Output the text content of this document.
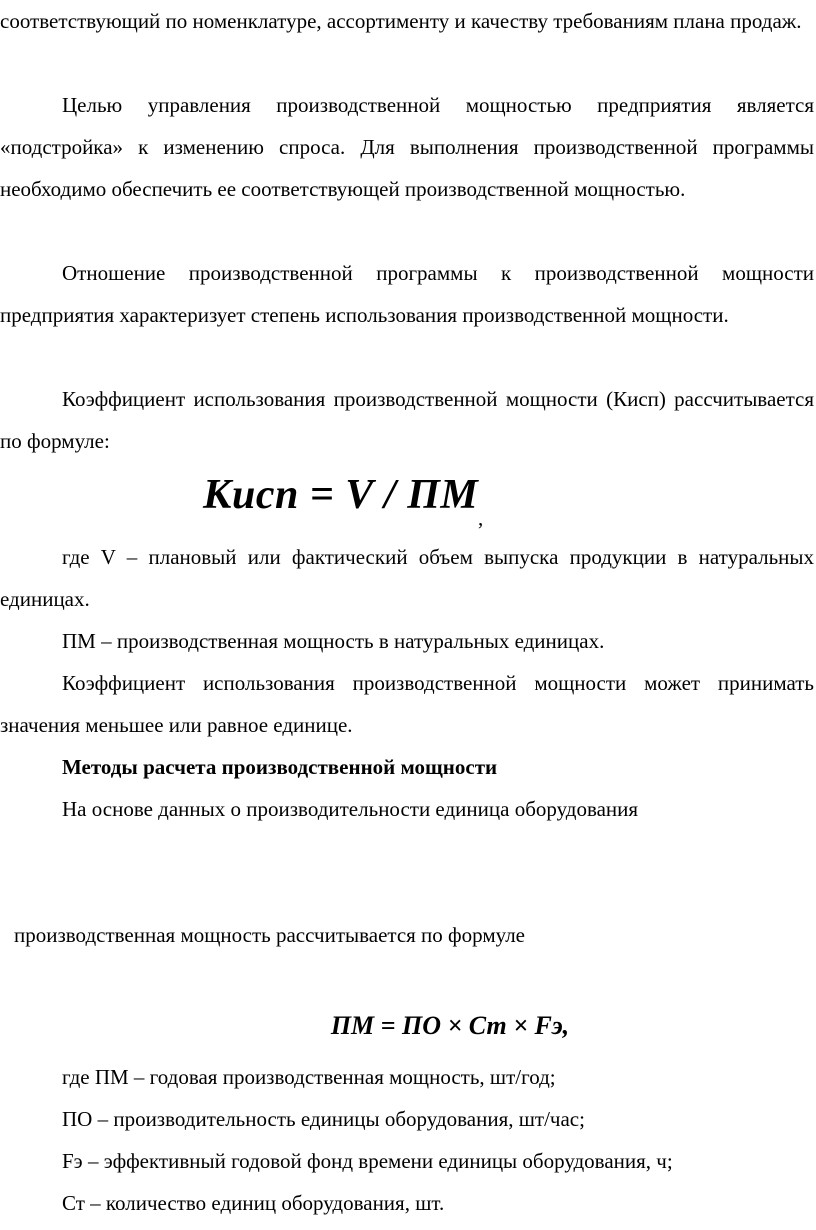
соответствующий по номенклатуре, ассортименту и качеству требованиям плана продаж.

Целью управления производственной мощностью предприятия является «подстройка» к изменению спроса. Для выполнения производственной программы необходимо обеспечить ее соответствующей производственной мощностью.

Отношение производственной программы к производственной мощности предприятия характеризует степень использования производственной мощности.

Коэффициент использования производственной мощности (Кисп) рассчитывается по формуле:

Кисп = V / ПМ ,

где V – плановый или фактический объем выпуска продукции в натуральных единицах.

ПМ – производственная мощность в натуральных единицах.

Коэффициент использования производственной мощности может принимать значения меньшее или равное единице.

Методы расчета производственной мощности

На основе данных о производительности единица оборудования

производственная мощность рассчитывается по формуле

ПМ = ПО × Ст × Fэ,

где ПМ – годовая производственная мощность, шт/год;

ПО – производительность единицы оборудования, шт/час;

Fэ – эффективный годовой фонд времени единицы оборудования, ч;

Ст – количество единиц оборудования, шт.
